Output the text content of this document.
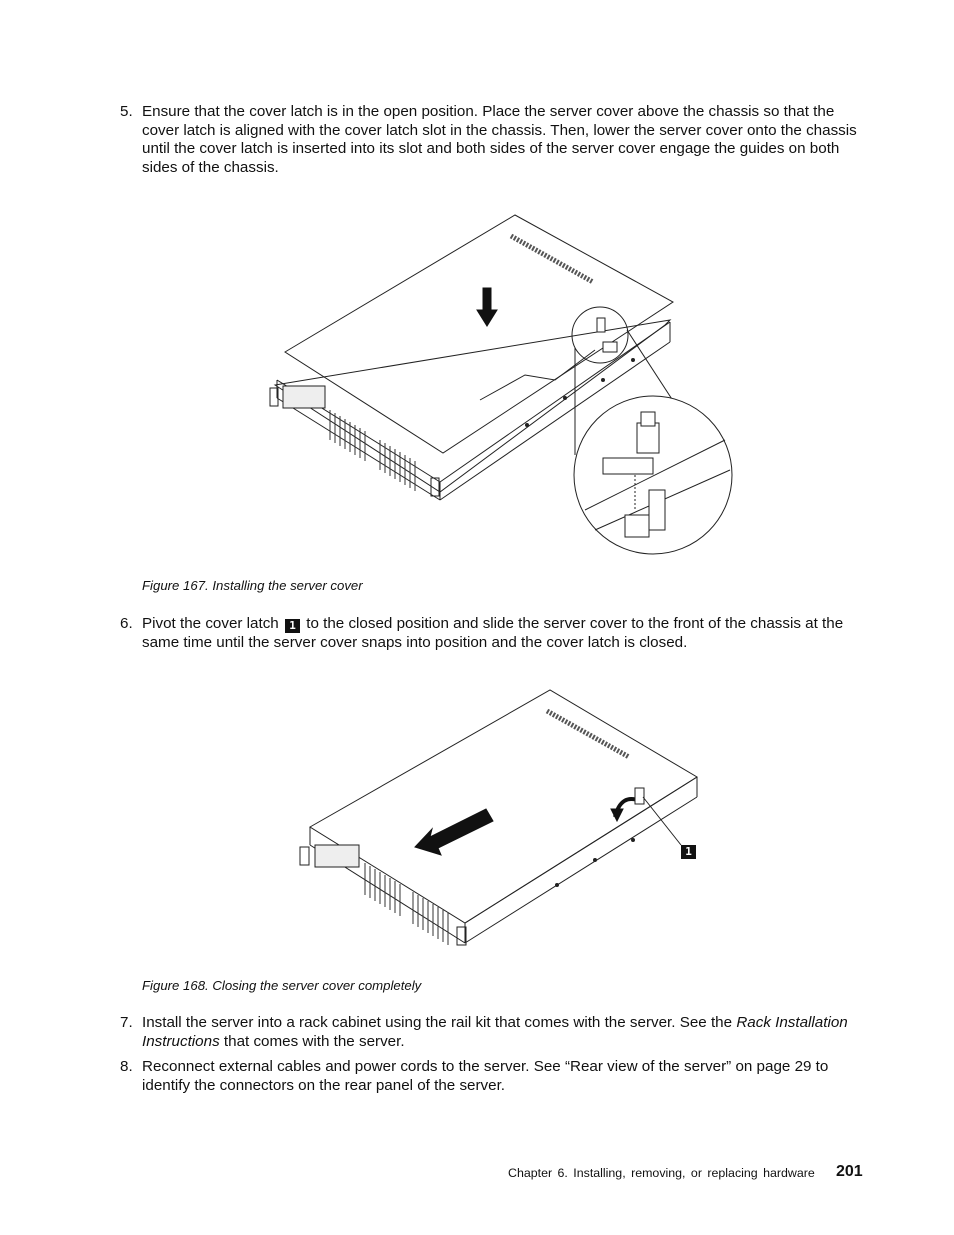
5. Ensure that the cover latch is in the open position. Place the server cover above the chassis so that the cover latch is aligned with the cover latch slot in the chassis. Then, lower the server cover onto the chassis until the cover latch is inserted into its slot and both sides of the server cover engage the guides on both sides of the chassis.
Figure 167. Installing the server cover
6. Pivot the cover latch 1 to the closed position and slide the server cover to the front of the chassis at the same time until the server cover snaps into position and the cover latch is closed.
1
Figure 168. Closing the server cover completely
7. Install the server into a rack cabinet using the rail kit that comes with the server. See the Rack Installation Instructions that comes with the server.
8. Reconnect external cables and power cords to the server. See “Rear view of the server” on page 29 to identify the connectors on the rear panel of the server.
Chapter 6. Installing, removing, or replacing hardware 201
